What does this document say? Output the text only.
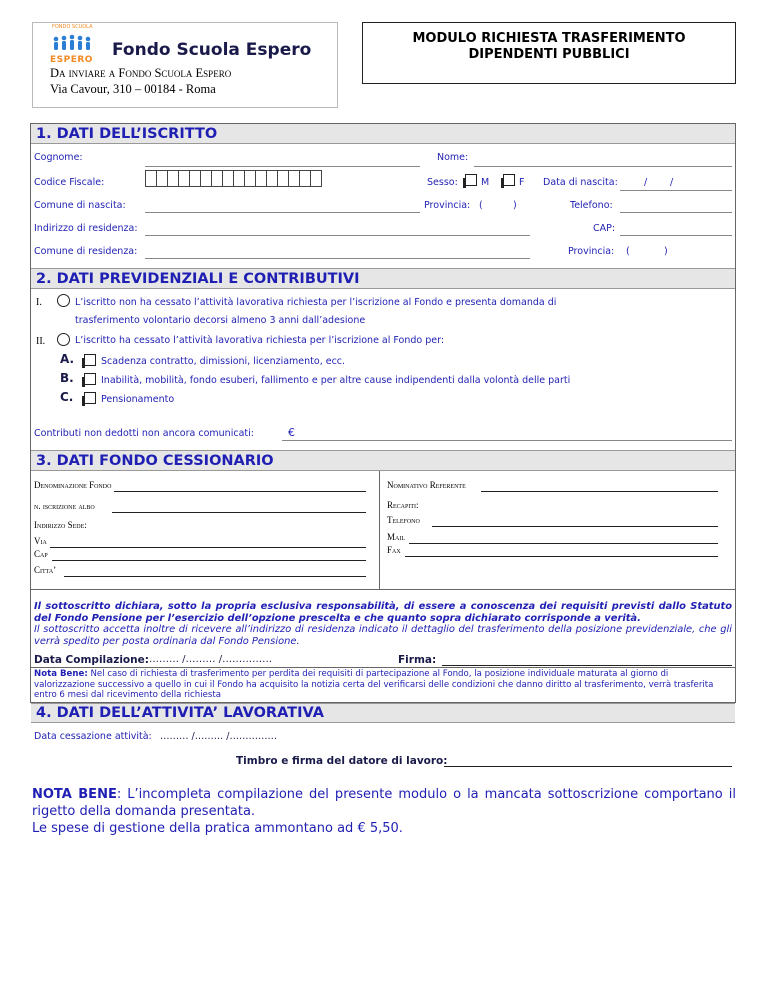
FONDO SCUOLA
ESPERO Fondo Scuola Espero
Da inviare a Fondo Scuola Espero
Via Cavour, 310 – 00184 - Roma
MODULO RICHIESTA TRASFERIMENTO
DIPENDENTI PUBBLICI
1. DATI DELL’ISCRITTO
Cognome:	Nome:
Codice Fiscale:	Sesso: M	F Data di nascita:	/ /
Comune di nascita:	Provincia: (	)	Telefono:
Indirizzo di residenza:	CAP:
Comune di residenza:	Provincia: (	)
2. DATI PREVIDENZIALI E CONTRIBUTIVI
I.	L’iscritto non ha cessato l’attività lavorativa richiesta per l’iscrizione al Fondo e presenta domanda di
trasferimento volontario decorsi almeno 3 anni dall’adesione
II.	L’iscritto ha cessato l’attività lavorativa richiesta per l’iscrizione al Fondo per:
A.	Scadenza contratto, dimissioni, licenziamento, ecc.
B.	Inabilità, mobilità, fondo esuberi, fallimento e per altre cause indipendenti dalla volontà delle parti
C.	Pensionamento
Contributi non dedotti non ancora comunicati:	€
3. DATI FONDO CESSIONARIO
Denominazione Fondo
n. iscrizione albo
Indirizzo Sede:
Via
Cap
Citta’
Nominativo Referente
Recapiti:
Telefono
Mail
Fax
Il sottoscritto dichiara, sotto la propria esclusiva responsabilità, di essere a conoscenza dei requisiti previsti dallo Statuto del Fondo Pensione per l’esercizio dell’opzione prescelta e che quanto sopra dichiarato corrisponde a verità.
Il sottoscritto accetta inoltre di ricevere all’indirizzo di residenza indicato il dettaglio del trasferimento della posizione previdenziale, che gli verrà spedito per posta ordinaria dal Fondo Pensione.
Data Compilazione: ……… /……… /……………	Firma:
Nota Bene: Nel caso di richiesta di trasferimento per perdita dei requisiti di partecipazione al Fondo, la posizione individuale maturata al giorno di valorizzazione successivo a quello in cui il Fondo ha acquisito la notizia certa del verificarsi delle condizioni che danno diritto al trasferimento, verrà trasferita entro 6 mesi dal ricevimento della richiesta
4. DATI DELL’ATTIVITA’ LAVORATIVA
Data cessazione attività: ……… /……… /……………
Timbro e firma del datore di lavoro:
NOTA BENE: L’incompleta compilazione del presente modulo o la mancata sottoscrizione comportano il rigetto della domanda presentata.
Le spese di gestione della pratica ammontano ad € 5,50.
